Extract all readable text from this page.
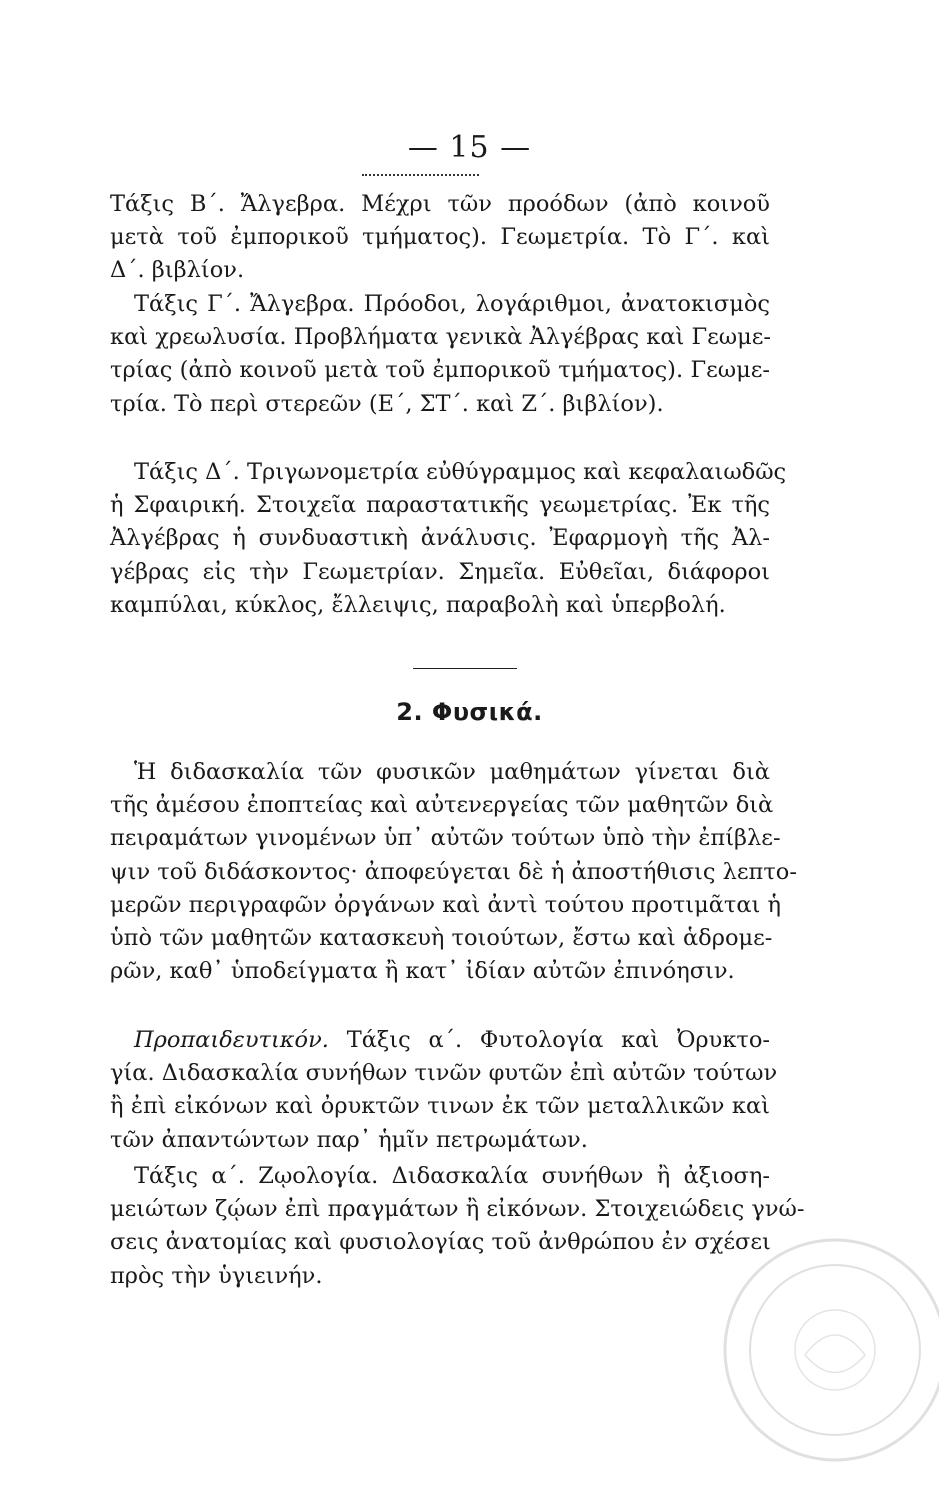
— 15 —
Τάξις Β΄. Ἄλγεβρα. Μέχρι τῶν προόδων (ἀπὸ κοινοῦ
μετὰ τοῦ ἐμπορικοῦ τμήματος). Γεωμετρία. Τὸ Γ΄. καὶ
Δ΄. βιβλίον.
Τάξις Γ΄. Ἄλγεβρα. Πρόοδοι, λογάριθμοι, ἀνατοκισμὸς
καὶ χρεωλυσία. Προβλήματα γενικὰ Ἀλγέβρας καὶ Γεωμε-
τρίας (ἀπὸ κοινοῦ μετὰ τοῦ ἐμπορικοῦ τμήματος). Γεωμε-
τρία. Τὸ περὶ στερεῶν (Ε΄, ΣΤ΄. καὶ Ζ΄. βιβλίον).
Τάξις Δ΄. Τριγωνομετρία εὐθύγραμμος καὶ κεφαλαιωδῶς
ἡ Σφαιρική. Στοιχεῖα παραστατικῆς γεωμετρίας. Ἐκ τῆς
Ἀλγέβρας ἡ συνδυαστικὴ ἀνάλυσις. Ἐφαρμογὴ τῆς Ἀλ-
γέβρας εἰς τὴν Γεωμετρίαν. Σημεῖα. Εὐθεῖαι, διάφοροι
καμπύλαι, κύκλος, ἔλλειψις, παραβολὴ καὶ ὑπερβολή.
2. Φυσικά.
Ἡ διδασκαλία τῶν φυσικῶν μαθημάτων γίνεται διὰ
τῆς ἀμέσου ἐποπτείας καὶ αὐτενεργείας τῶν μαθητῶν διὰ
πειραμάτων γινομένων ὑπ᾽ αὐτῶν τούτων ὑπὸ τὴν ἐπίβλε-
ψιν τοῦ διδάσκοντος· ἀποφεύγεται δὲ ἡ ἀποστήθισις λεπτο-
μερῶν περιγραφῶν ὀργάνων καὶ ἀντὶ τούτου προτιμᾶται ἡ
ὑπὸ τῶν μαθητῶν κατασκευὴ τοιούτων, ἔστω καὶ ἁδρομε-
ρῶν, καθ᾽ ὑποδείγματα ἢ κατ᾽ ἰδίαν αὐτῶν ἐπινόησιν.
Προπαιδευτικόν. Τάξις α΄. Φυτολογία καὶ Ὀρυκτο-
γία. Διδασκαλία συνήθων τινῶν φυτῶν ἐπὶ αὐτῶν τούτων
ἢ ἐπὶ εἰκόνων καὶ ὀρυκτῶν τινων ἐκ τῶν μεταλλικῶν καὶ
τῶν ἀπαντώντων παρ᾽ ἡμῖν πετρωμάτων.
Τάξις α΄. Ζῳολογία. Διδασκαλία συνήθων ἢ ἀξιοση-
μειώτων ζῴων ἐπὶ πραγμάτων ἢ εἰκόνων. Στοιχειώδεις γνώ-
σεις ἀνατομίας καὶ φυσιολογίας τοῦ ἀνθρώπου ἐν σχέσει
πρὸς τὴν ὑγιεινήν.
